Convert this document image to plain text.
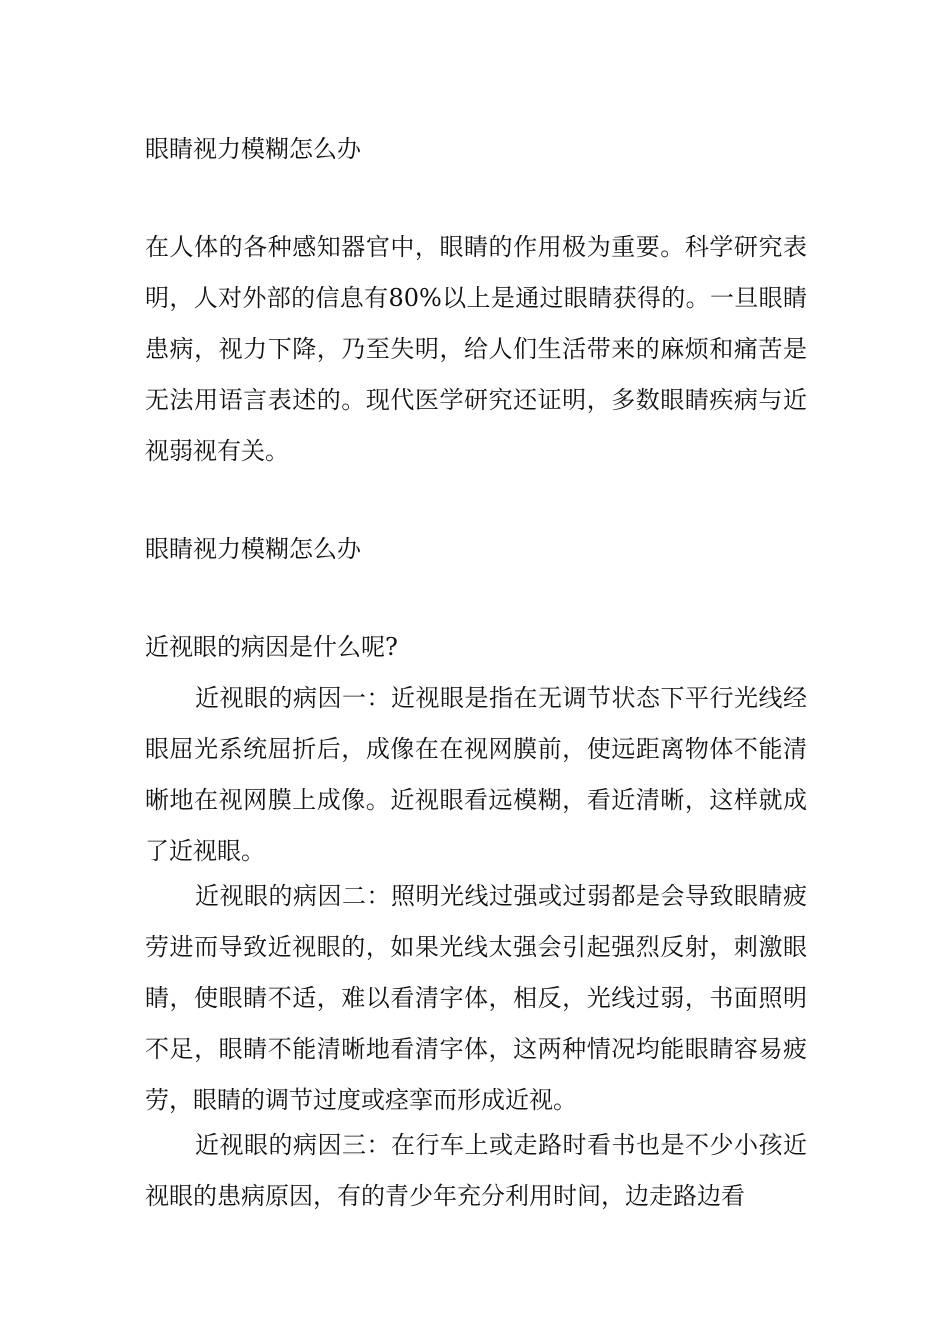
眼睛视力模糊怎么办
在人体的各种感知器官中，眼睛的作用极为重要。科学研究表明，人对外部的信息有80%以上是通过眼睛获得的。一旦眼睛患病，视力下降，乃至失明，给人们生活带来的麻烦和痛苦是无法用语言表述的。现代医学研究还证明，多数眼睛疾病与近视弱视有关。
眼睛视力模糊怎么办
近视眼的病因是什么呢?
近视眼的病因一：近视眼是指在无调节状态下平行光线经眼屈光系统屈折后，成像在在视网膜前，使远距离物体不能清晰地在视网膜上成像。近视眼看远模糊，看近清晰，这样就成了近视眼。
近视眼的病因二：照明光线过强或过弱都是会导致眼睛疲劳进而导致近视眼的，如果光线太强会引起强烈反射，刺激眼睛，使眼睛不适，难以看清字体，相反，光线过弱，书面照明不足，眼睛不能清晰地看清字体，这两种情况均能眼睛容易疲劳，眼睛的调节过度或痉挛而形成近视。
近视眼的病因三：在行车上或走路时看书也是不少小孩近视眼的患病原因，有的青少年充分利用时间，边走路边看
